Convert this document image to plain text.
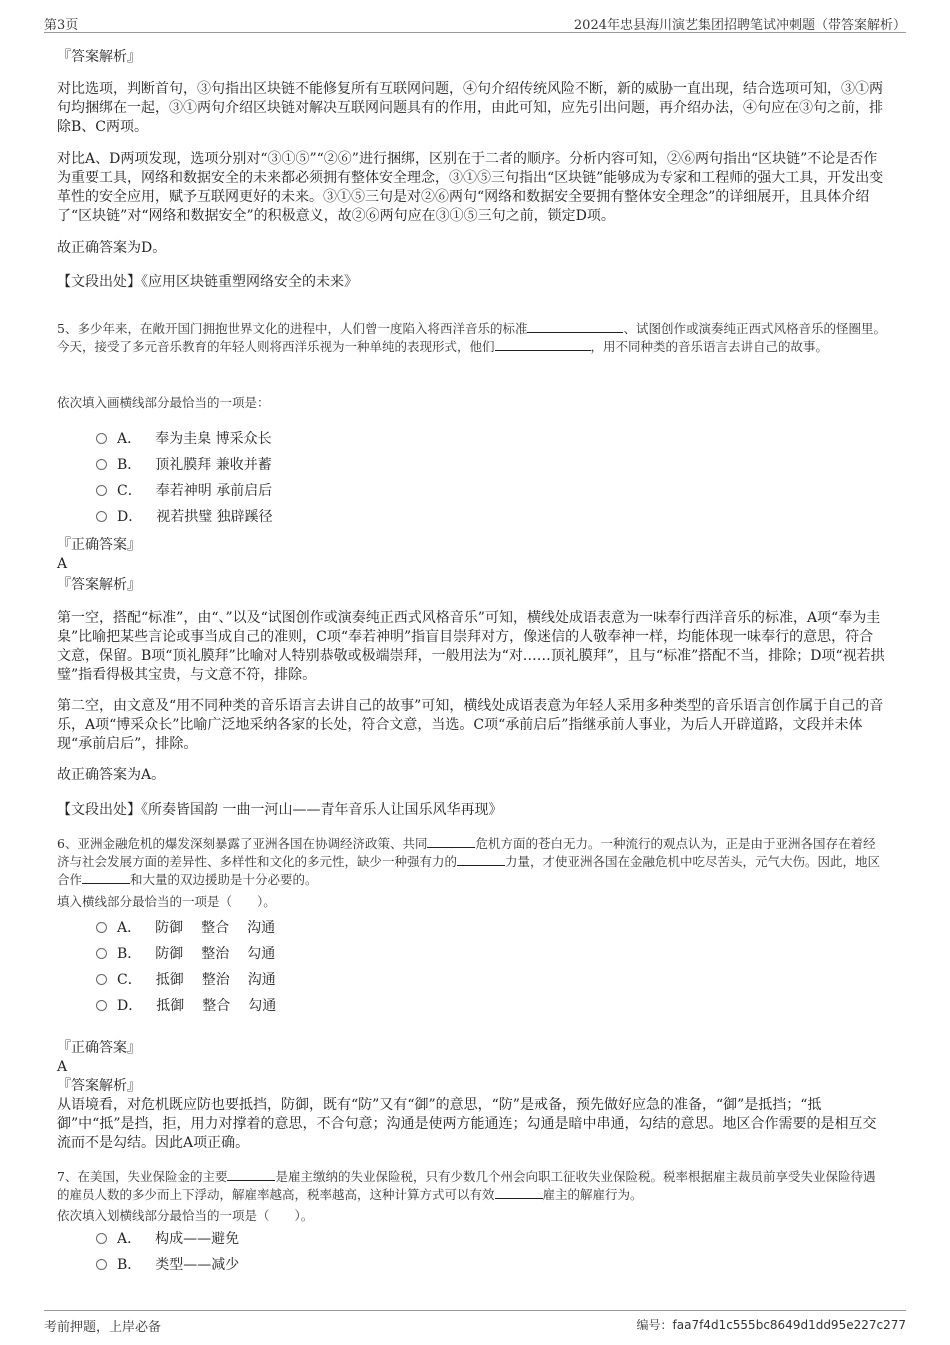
第3页	2024年忠县海川演艺集团招聘笔试冲刺题（带答案解析）
『答案解析』
对比选项，判断首句，③句指出区块链不能修复所有互联网问题，④句介绍传统风险不断，新的威胁一直出现，结合选项可知，③①两句均捆绑在一起，③①两句介绍区块链对解决互联网问题具有的作用，由此可知，应先引出问题，再介绍办法，④句应在③句之前，排除B、C两项。
对比A、D两项发现，选项分别对“③①⑤”“②⑥”进行捆绑，区别在于二者的顺序。分析内容可知，②⑥两句指出“区块链”不论是否作为重要工具，网络和数据安全的未来都必须拥有整体安全理念，③①⑤三句指出“区块链”能够成为专家和工程师的强大工具，开发出变革性的安全应用，赋予互联网更好的未来。③①⑤三句是对②⑥两句“网络和数据安全要拥有整体安全理念”的详细展开，且具体介绍了“区块链”对“网络和数据安全”的积极意义，故②⑥两句应在③①⑤三句之前，锁定D项。
故正确答案为D。
【文段出处】《应用区块链重塑网络安全的未来》
5、多少年来，在敞开国门拥抱世界文化的进程中，人们曾一度陷入将西洋音乐的标准	、试图创作或演奏纯正西式风格音乐的怪圈里。今天，接受了多元音乐教育的年轻人则将西洋乐视为一种单纯的表现形式，他们	，用不同种类的音乐语言去讲自己的故事。
依次填入画横线部分最恰当的一项是：
A． 奉为圭臬 博采众长
B． 顶礼膜拜 兼收并蓄
C． 奉若神明 承前启后
D． 视若拱璧 独辟蹊径
『正确答案』
A
『答案解析』
第一空，搭配“标准”，由“、”以及“试图创作或演奏纯正西式风格音乐”可知，横线处成语表意为一味奉行西洋音乐的标准，A项“奉为圭臬”比喻把某些言论或事当成自己的准则，C项“奉若神明”指盲目崇拜对方，像迷信的人敬奉神一样，均能体现一味奉行的意思，符合文意，保留。B项“顶礼膜拜”比喻对人特别恭敬或极端崇拜，一般用法为“对……顶礼膜拜”，且与“标准”搭配不当，排除；D项“视若拱璧”指看得极其宝贵，与文意不符，排除。
第二空，由文意及“用不同种类的音乐语言去讲自己的故事”可知，横线处成语表意为年轻人采用多种类型的音乐语言创作属于自己的音乐，A项“博采众长”比喻广泛地采纳各家的长处，符合文意，当选。C项“承前启后”指继承前人事业，为后人开辟道路，文段并未体现“承前启后”，排除。
故正确答案为A。
【文段出处】《所奏皆国韵 一曲一河山——青年音乐人让国乐风华再现》
6、亚洲金融危机的爆发深刻暴露了亚洲各国在协调经济政策、共同	危机方面的苍白无力。一种流行的观点认为，正是由于亚洲各国存在着经济与社会发展方面的差异性、多样性和文化的多元性，缺少一种强有力的	力量，才使亚洲各国在金融危机中吃尽苦头，元气大伤。因此，地区合作	和大量的双边援助是十分必要的。
填入横线部分最恰当的一项是（　　）。
A． 防御 整合 沟通
B． 防御 整治 勾通
C． 抵御 整治 沟通
D． 抵御 整合 勾通
『正确答案』
A
『答案解析』
从语境看，对危机既应防也要抵挡，防御，既有“防”又有“御”的意思，“防”是戒备，预先做好应急的准备，“御”是抵挡；“抵御”中“抵”是挡，拒，用力对撑着的意思，不合句意；沟通是使两方能通连；勾通是暗中串通，勾结的意思。地区合作需要的是相互交流而不是勾结。因此A项正确。
7、在美国，失业保险金的主要	是雇主缴纳的失业保险税，只有少数几个州会向职工征收失业保险税。税率根据雇主裁员前享受失业保险待遇的雇员人数的多少而上下浮动，解雇率越高，税率越高，这种计算方式可以有效	雇主的解雇行为。
依次填入划横线部分最恰当的一项是（　　）。
A． 构成——避免
B． 类型——减少
考前押题，上岸必备	编号：faa7f4d1c555bc8649d1dd95e227c277
